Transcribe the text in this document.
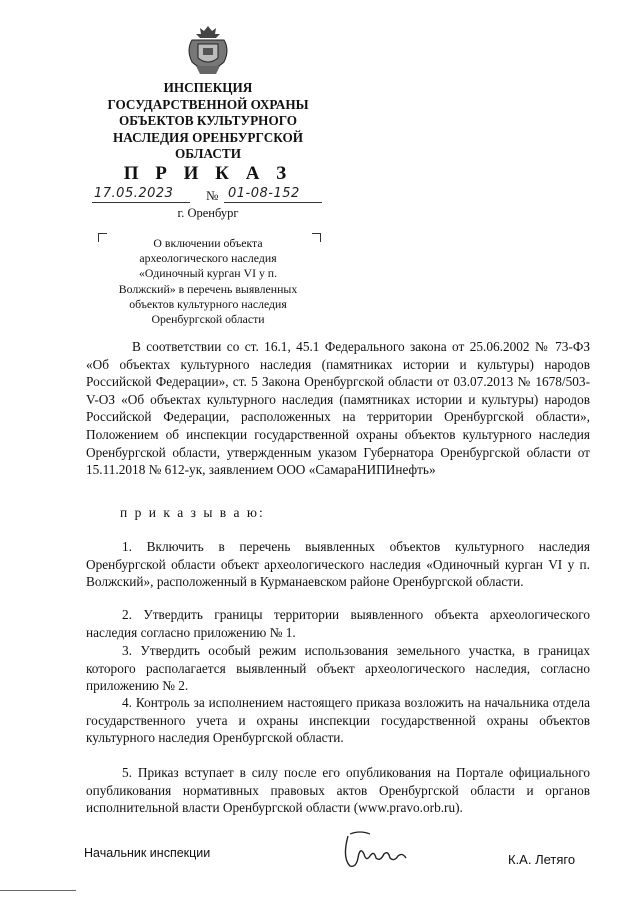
ИНСПЕКЦИЯ
ГОСУДАРСТВЕННОЙ ОХРАНЫ
ОБЪЕКТОВ КУЛЬТУРНОГО
НАСЛЕДИЯ ОРЕНБУРГСКОЙ
ОБЛАСТИ
П Р И К А З
17.05.2023	№ 01-08-152
г. Оренбург
О включении объекта
археологического наследия
«Одиночный курган VI у п.
Волжский» в перечень выявленных
объектов культурного наследия
Оренбургской области
В соответствии со ст. 16.1, 45.1 Федерального закона от 25.06.2002 № 73-ФЗ «Об объектах культурного наследия (памятниках истории и культуры) народов Российской Федерации», ст. 5 Закона Оренбургской области от 03.07.2013 № 1678/503-V-ОЗ «Об объектах культурного наследия (памятниках истории и культуры) народов Российской Федерации, расположенных на территории Оренбургской области», Положением об инспекции государственной охраны объектов культурного наследия Оренбургской области, утвержденным указом Губернатора Оренбургской области от 15.11.2018 № 612-ук, заявлением ООО «СамараНИПИнефть»
п р и к а з ы в а ю:
1. Включить в перечень выявленных объектов культурного наследия Оренбургской области объект археологического наследия «Одиночный курган VI у п. Волжский», расположенный в Курманаевском районе Оренбургской области.
2. Утвердить границы территории выявленного объекта археологического наследия согласно приложению № 1.
3. Утвердить особый режим использования земельного участка, в границах которого располагается выявленный объект археологического наследия, согласно приложению № 2.
4. Контроль за исполнением настоящего приказа возложить на начальника отдела государственного учета и охраны инспекции государственной охраны объектов культурного наследия Оренбургской области.
5. Приказ вступает в силу после его опубликования на Портале официального опубликования нормативных правовых актов Оренбургской области и органов исполнительной власти Оренбургской области (www.pravo.orb.ru).
Начальник инспекции	К.А. Летяго
